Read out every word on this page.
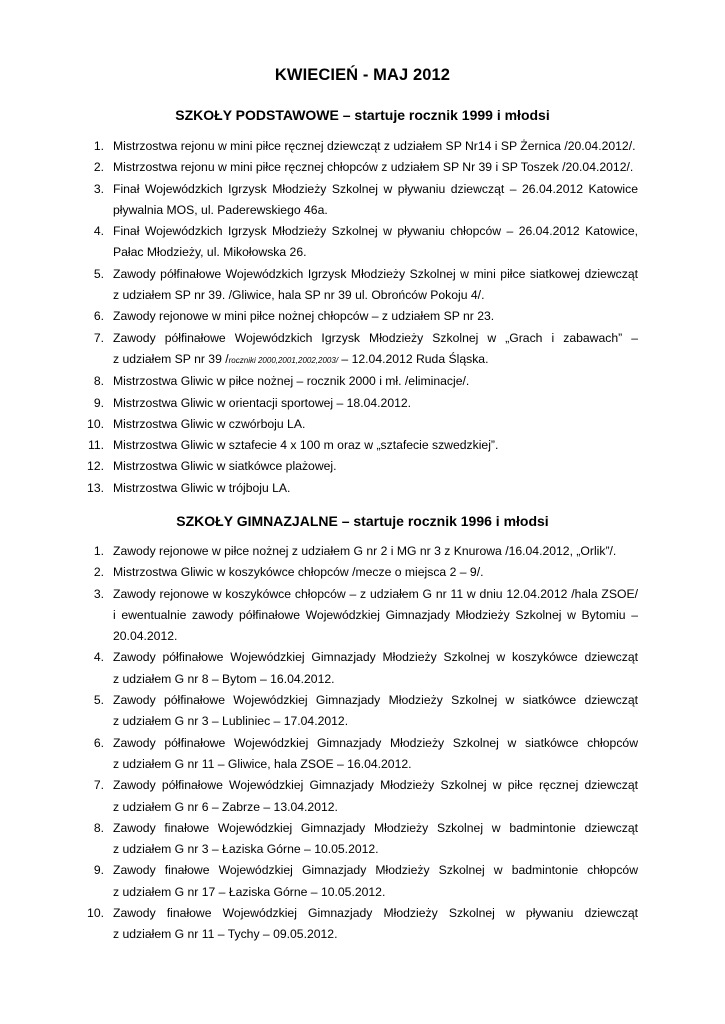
KWIECIEŃ - MAJ 2012
SZKOŁY PODSTAWOWE – startuje rocznik 1999 i młodsi
1. Mistrzostwa rejonu w mini piłce ręcznej dziewcząt z udziałem SP Nr14 i SP Żernica /20.04.2012/.
2. Mistrzostwa rejonu w mini piłce ręcznej chłopców z udziałem SP Nr 39 i SP Toszek /20.04.2012/.
3. Finał Wojewódzkich Igrzysk Młodzieży Szkolnej w pływaniu dziewcząt – 26.04.2012 Katowice
pływalnia MOS, ul. Paderewskiego 46a.
4. Finał Wojewódzkich Igrzysk Młodzieży Szkolnej w pływaniu chłopców – 26.04.2012 Katowice,
Pałac Młodzieży, ul. Mikołowska 26.
5. Zawody półfinałowe Wojewódzkich Igrzysk Młodzieży Szkolnej w mini piłce siatkowej dziewcząt
z udziałem SP nr 39. /Gliwice, hala SP nr 39 ul. Obrońców Pokoju 4/.
6. Zawody rejonowe w mini piłce nożnej chłopców – z udziałem SP nr 23.
7. Zawody półfinałowe Wojewódzkich Igrzysk Młodzieży Szkolnej w „Grach i zabawach” –
z udziałem SP nr 39 /roczniki 2000,2001,2002,2003/ – 12.04.2012 Ruda Śląska.
8. Mistrzostwa Gliwic w piłce nożnej – rocznik 2000 i mł. /eliminacje/.
9. Mistrzostwa Gliwic w orientacji sportowej – 18.04.2012.
10. Mistrzostwa Gliwic w czwórboju LA.
11. Mistrzostwa Gliwic w sztafecie 4 x 100 m oraz w „sztafecie szwedzkiej”.
12. Mistrzostwa Gliwic w siatkówce plażowej.
13. Mistrzostwa Gliwic w trójboju LA.
SZKOŁY GIMNAZJALNE – startuje rocznik 1996 i młodsi
1. Zawody rejonowe w piłce nożnej z udziałem G nr 2 i MG nr 3 z Knurowa /16.04.2012, „Orlik”/.
2. Mistrzostwa Gliwic w koszykówce chłopców /mecze o miejsca 2 – 9/.
3. Zawody rejonowe w koszykówce chłopców – z udziałem G nr 11 w dniu 12.04.2012 /hala ZSOE/
i ewentualnie zawody półfinałowe Wojewódzkiej Gimnazjady Młodzieży Szkolnej w Bytomiu –
20.04.2012.
4. Zawody półfinałowe Wojewódzkiej Gimnazjady Młodzieży Szkolnej w koszykówce dziewcząt
z udziałem G nr 8 – Bytom – 16.04.2012.
5. Zawody półfinałowe Wojewódzkiej Gimnazjady Młodzieży Szkolnej w siatkówce dziewcząt
z udziałem G nr 3 – Lubliniec – 17.04.2012.
6. Zawody półfinałowe Wojewódzkiej Gimnazjady Młodzieży Szkolnej w siatkówce chłopców
z udziałem G nr 11 – Gliwice, hala ZSOE – 16.04.2012.
7. Zawody półfinałowe Wojewódzkiej Gimnazjady Młodzieży Szkolnej w piłce ręcznej dziewcząt
z udziałem G nr 6 – Zabrze – 13.04.2012.
8. Zawody finałowe Wojewódzkiej Gimnazjady Młodzieży Szkolnej w badmintonie dziewcząt
z udziałem G nr 3 – Łaziska Górne – 10.05.2012.
9. Zawody finałowe Wojewódzkiej Gimnazjady Młodzieży Szkolnej w badmintonie chłopców
z udziałem G nr 17 – Łaziska Górne – 10.05.2012.
10. Zawody finałowe Wojewódzkiej Gimnazjady Młodzieży Szkolnej w pływaniu dziewcząt
z udziałem G nr 11 – Tychy – 09.05.2012.
